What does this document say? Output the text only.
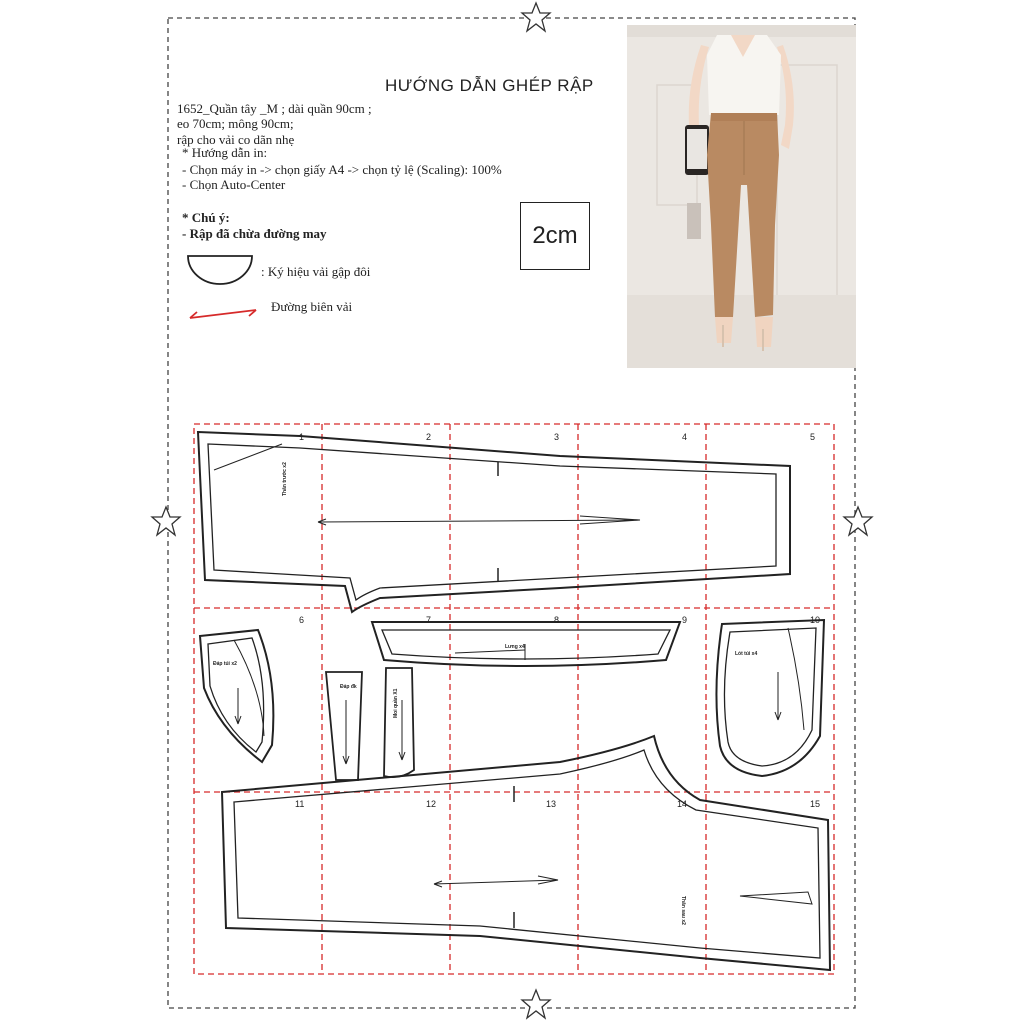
HƯỚNG DẪN GHÉP RẬP
1652_Quần tây _M ; dài quần 90cm ;
eo 70cm; mông 90cm;
rập cho vải co dãn nhẹ
* Hướng dẫn in:
- Chọn máy in -> chọn giấy A4 -> chọn tỷ lệ (Scaling): 100%
- Chọn Auto-Center
* Chú ý:
- Rập đã chừa đường may
: Ký hiệu vải gập đôi
Đường biên vải
2cm
1	2	3	4	5
6	7	8	9	10
11	12	13	14	15
Thân trước x2
Thân sau x2
Lưng x4
Đáp túi x2
Đáp đk
Moi quần X1
Lót túi x4
